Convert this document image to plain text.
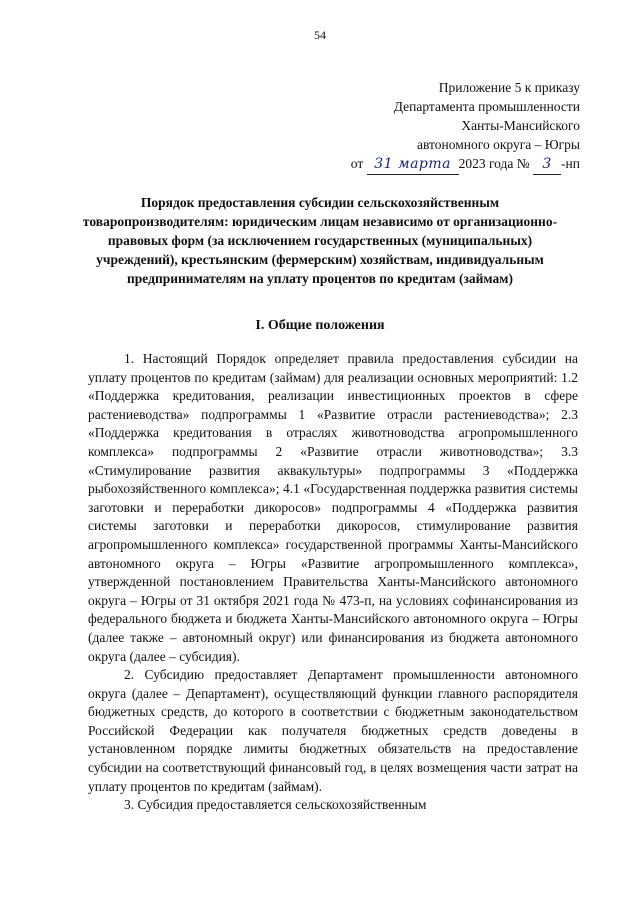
54
Приложение 5 к приказу
Департамента промышленности
Ханты-Мансийского
автономного округа – Югры
от 31 марта 2023 года № 3 -нп
Порядок предоставления субсидии сельскохозяйственным товаропроизводителям: юридическим лицам независимо от организационно-правовых форм (за исключением государственных (муниципальных) учреждений), крестьянским (фермерским) хозяйствам, индивидуальным предпринимателям на уплату процентов по кредитам (займам)
I. Общие положения

1. Настоящий Порядок определяет правила предоставления субсидии на уплату процентов по кредитам (займам) для реализации основных мероприятий: 1.2 «Поддержка кредитования, реализации инвестиционных проектов в сфере растениеводства» подпрограммы 1 «Развитие отрасли растениеводства»; 2.3 «Поддержка кредитования в отраслях животноводства агропромышленного комплекса» подпрограммы 2 «Развитие отрасли животноводства»; 3.3 «Стимулирование развития аквакультуры» подпрограммы 3 «Поддержка рыбохозяйственного комплекса»; 4.1 «Государственная поддержка развития системы заготовки и переработки дикоросов» подпрограммы 4 «Поддержка развития системы заготовки и переработки дикоросов, стимулирование развития агропромышленного комплекса» государственной программы Ханты-Мансийского автономного округа – Югры «Развитие агропромышленного комплекса», утвержденной постановлением Правительства Ханты-Мансийского автономного округа – Югры от 31 октября 2021 года № 473-п, на условиях софинансирования из федерального бюджета и бюджета Ханты-Мансийского автономного округа – Югры (далее также – автономный округ) или финансирования из бюджета автономного округа (далее – субсидия).

2. Субсидию предоставляет Департамент промышленности автономного округа (далее – Департамент), осуществляющий функции главного распорядителя бюджетных средств, до которого в соответствии с бюджетным законодательством Российской Федерации как получателя бюджетных средств доведены в установленном порядке лимиты бюджетных обязательств на предоставление субсидии на соответствующий финансовый год, в целях возмещения части затрат на уплату процентов по кредитам (займам).

3. Субсидия предоставляется сельскохозяйственным
